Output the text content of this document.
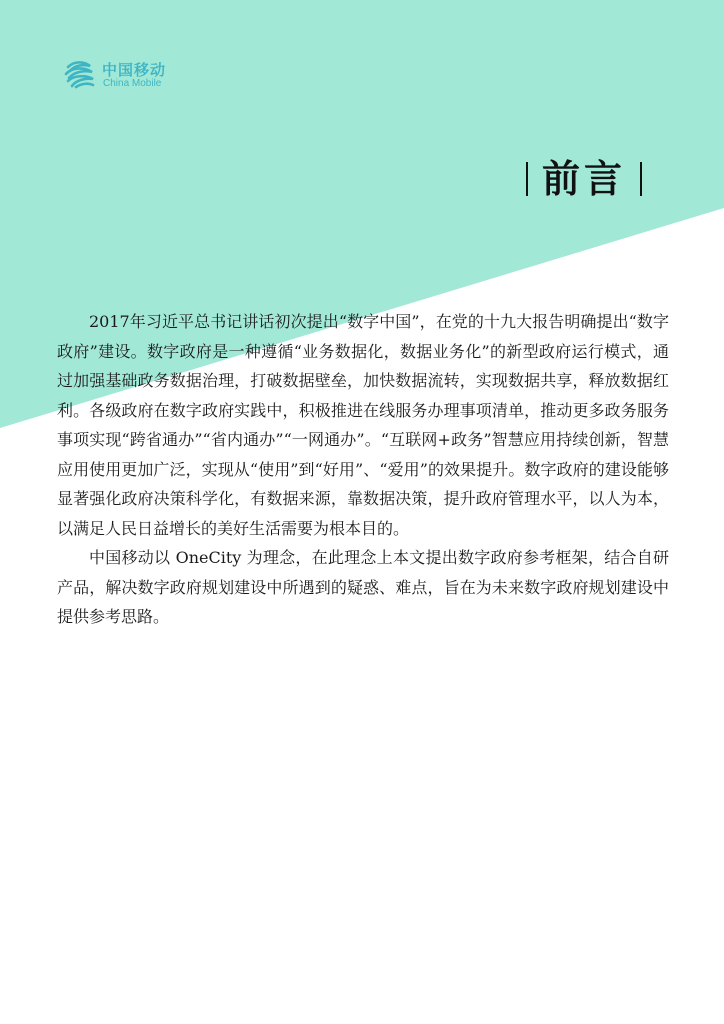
中国移动
China Mobile
前言

2017年习近平总书记讲话初次提出“数字中国”，在党的十九大报告明确提出“数字政府”建设。数字政府是一种遵循“业务数据化，数据业务化”的新型政府运行模式，通过加强基础政务数据治理，打破数据壁垒，加快数据流转，实现数据共享，释放数据红利。各级政府在数字政府实践中，积极推进在线服务办理事项清单，推动更多政务服务事项实现“跨省通办”“省内通办”“一网通办”。“互联网+政务”智慧应用持续创新，智慧应用使用更加广泛，实现从“使用”到“好用”、“爱用”的效果提升。数字政府的建设能够显著强化政府决策科学化，有数据来源，靠数据决策，提升政府管理水平，以人为本，以满足人民日益增长的美好生活需要为根本目的。

中国移动以 OneCity 为理念，在此理念上本文提出数字政府参考框架，结合自研产品，解决数字政府规划建设中所遇到的疑惑、难点，旨在为未来数字政府规划建设中提供参考思路。
